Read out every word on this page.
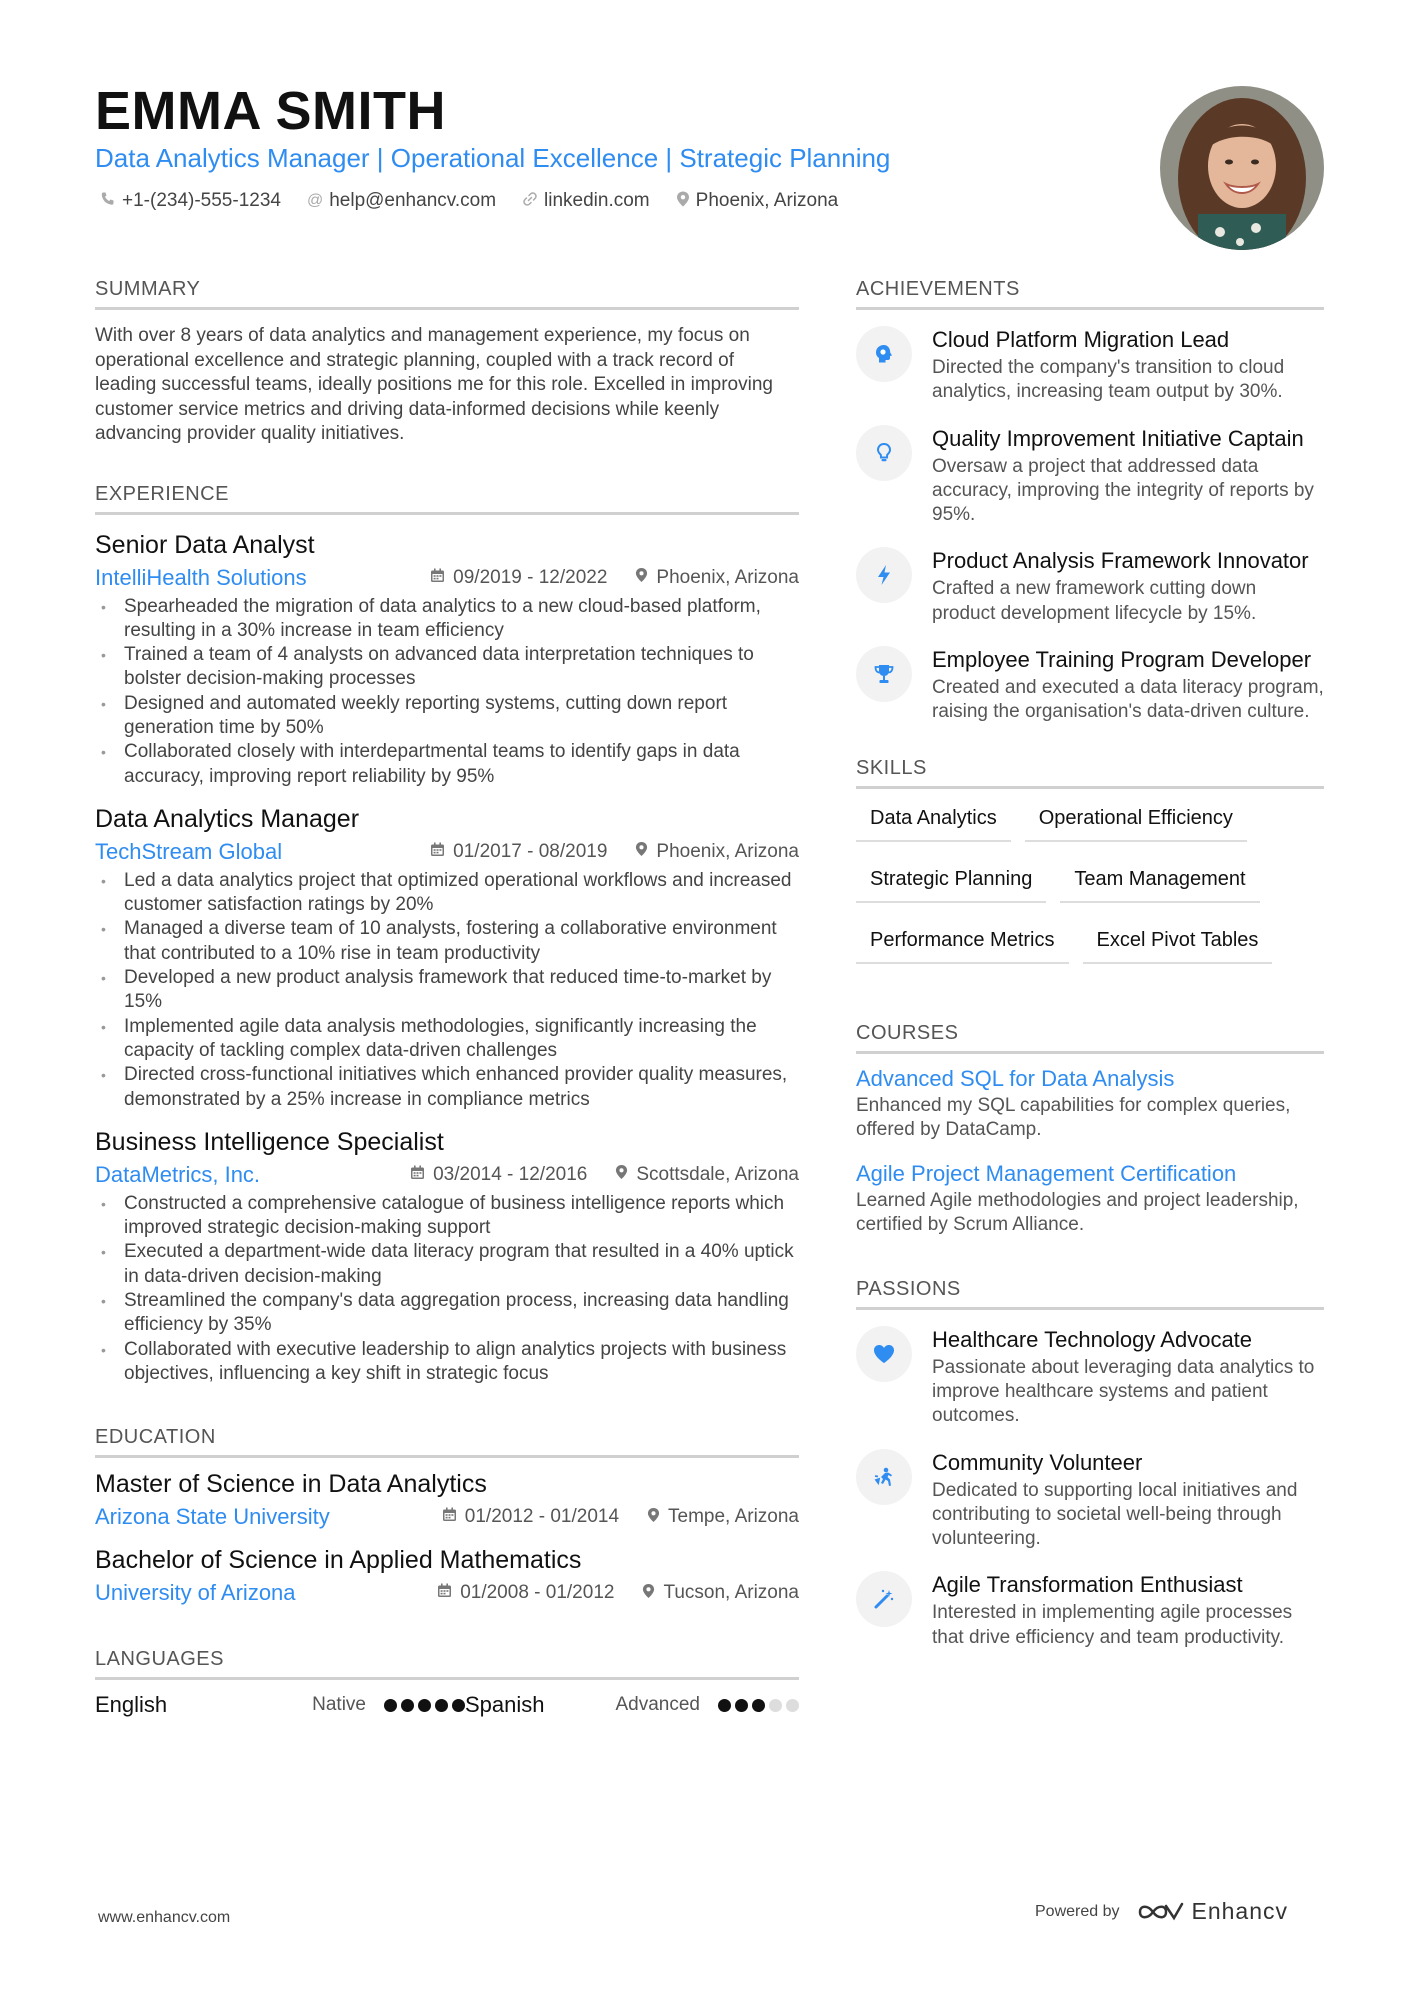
EMMA SMITH
Data Analytics Manager | Operational Excellence | Strategic Planning
+1-(234)-555-1234 @ help@enhancv.com	linkedin.com Phoenix, Arizona
SUMMARY

With over 8 years of data analytics and management experience, my focus on operational excellence and strategic planning, coupled with a track record of leading successful teams, ideally positions me for this role. Excelled in improving customer service metrics and driving data-informed decisions while keenly advancing provider quality initiatives.

EXPERIENCE
Senior Data Analyst
IntelliHealth Solutions	09/2019 - 12/2022	Phoenix, Arizona
• Spearheaded the migration of data analytics to a new cloud-based platform, resulting in a 30% increase in team efficiency
• Trained a team of 4 analysts on advanced data interpretation techniques to bolster decision-making processes
• Designed and automated weekly reporting systems, cutting down report generation time by 50%
• Collaborated closely with interdepartmental teams to identify gaps in data accuracy, improving report reliability by 95%
Data Analytics Manager
TechStream Global	01/2017 - 08/2019	Phoenix, Arizona
• Led a data analytics project that optimized operational workflows and increased customer satisfaction ratings by 20%
• Managed a diverse team of 10 analysts, fostering a collaborative environment that contributed to a 10% rise in team productivity
• Developed a new product analysis framework that reduced time-to-market by 15%
• Implemented agile data analysis methodologies, significantly increasing the capacity of tackling complex data-driven challenges
• Directed cross-functional initiatives which enhanced provider quality measures, demonstrated by a 25% increase in compliance metrics
Business Intelligence Specialist
DataMetrics, Inc.	03/2014 - 12/2016	Scottsdale, Arizona
• Constructed a comprehensive catalogue of business intelligence reports which improved strategic decision-making support
• Executed a department-wide data literacy program that resulted in a 40% uptick in data-driven decision-making
• Streamlined the company's data aggregation process, increasing data handling efficiency by 35%
• Collaborated with executive leadership to align analytics projects with business objectives, influencing a key shift in strategic focus
EDUCATION
Master of Science in Data Analytics
Arizona State University	01/2012 - 01/2014	Tempe, Arizona
Bachelor of Science in Applied Mathematics
University of Arizona	01/2008 - 01/2012	Tucson, Arizona
LANGUAGES
English	Native	Spanish	Advanced
ACHIEVEMENTS
Cloud Platform Migration Lead
Directed the company's transition to cloud analytics, increasing team output by 30%.
Quality Improvement Initiative Captain
Oversaw a project that addressed data accuracy, improving the integrity of reports by 95%.
Product Analysis Framework Innovator
Crafted a new framework cutting down product development lifecycle by 15%.
Employee Training Program Developer
Created and executed a data literacy program, raising the organisation's data-driven culture.
SKILLS
Data Analytics	Operational Efficiency
Strategic Planning	Team Management
Performance Metrics	Excel Pivot Tables
COURSES
Advanced SQL for Data Analysis
Enhanced my SQL capabilities for complex queries, offered by DataCamp.
Agile Project Management Certification
Learned Agile methodologies and project leadership, certified by Scrum Alliance.
PASSIONS
Healthcare Technology Advocate
Passionate about leveraging data analytics to improve healthcare systems and patient outcomes.
Community Volunteer
Dedicated to supporting local initiatives and contributing to societal well-being through volunteering.
Agile Transformation Enthusiast
Interested in implementing agile processes that drive efficiency and team productivity.
www.enhancv.com	Powered by	Enhancv
